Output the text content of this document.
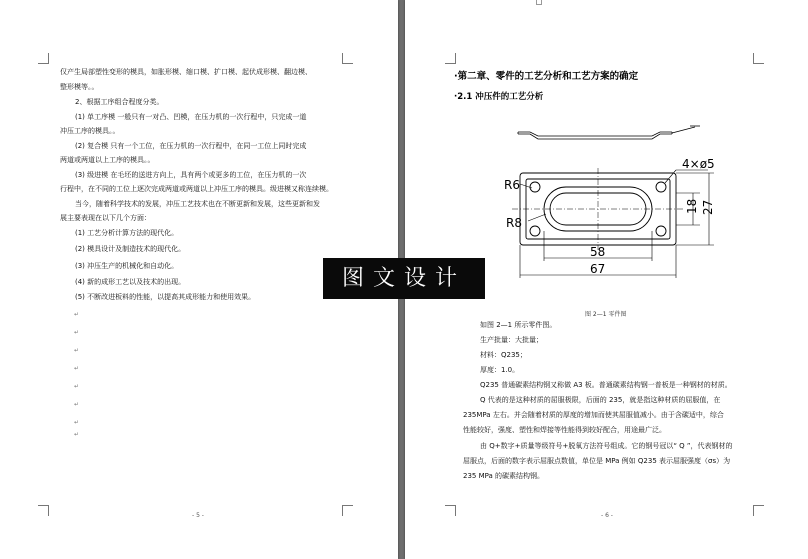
仅产生局部塑性变形的模具，如胀形模、缩口模、扩口模、起伏成形模、翻边模、
整形模等。。
2、根据工序组合程度分类。
(1) 单工序模 一般只有一对凸、凹模，在压力机的一次行程中，只完成一道
冲压工序的模具。。
(2) 复合模 只有一个工位，在压力机的一次行程中，在同一工位上同时完成
两道或两道以上工序的模具。。
(3) 级进模 在毛坯的送进方向上，具有两个或更多的工位，在压力机的一次
行程中，在不同的工位上逐次完成两道或两道以上冲压工序的模具。级进模又称连续模。
当今，随着科学技术的发展，冲压工艺技术也在不断更新和发展，这些更新和发
展主要表现在以下几个方面：
(1) 工艺分析计算方法的现代化。
(2) 模具设计及制造技术的现代化。
(3) 冲压生产的机械化和自动化。
(4) 新的成形工艺以及技术的出现。
(5) 不断改进板料的性能，以提高其成形能力和使用效果。
↵
↵
↵
↵
↵
↵
↵
↵
- 5 -
·第二章、零件的工艺分析和工艺方案的确定
·2.1 冲压件的工艺分析
图 2—1 零件图
如图 2—1 所示零件图。
生产批量：大批量；
材料：Q235；
厚度：1.0。
Q235 普通碳素结构钢又称做 A3 板。普通碳素结构钢一普板是一种钢材的材质。
Q 代表的是这种材质的屈服极限，后面的 235，就是指这种材质的屈服值，在
235MPa 左右。并会随着材质的厚度的增加而使其屈服值减小。由于含碳适中，综合
性能较好，强度、塑性和焊接等性能得到较好配合，用途最广泛。
由 Q+数字+质量等级符号+脱氧方法符号组成。它的钢号冠以“ Q ”，代表钢材的
屈服点，后面的数字表示屈服点数值，单位是 MPa 例如 Q235 表示屈服强度（σs）为
235 MPa 的碳素结构钢。
- 6 -
4×ø5
R6
R8
18 27
58
67
图文设计
